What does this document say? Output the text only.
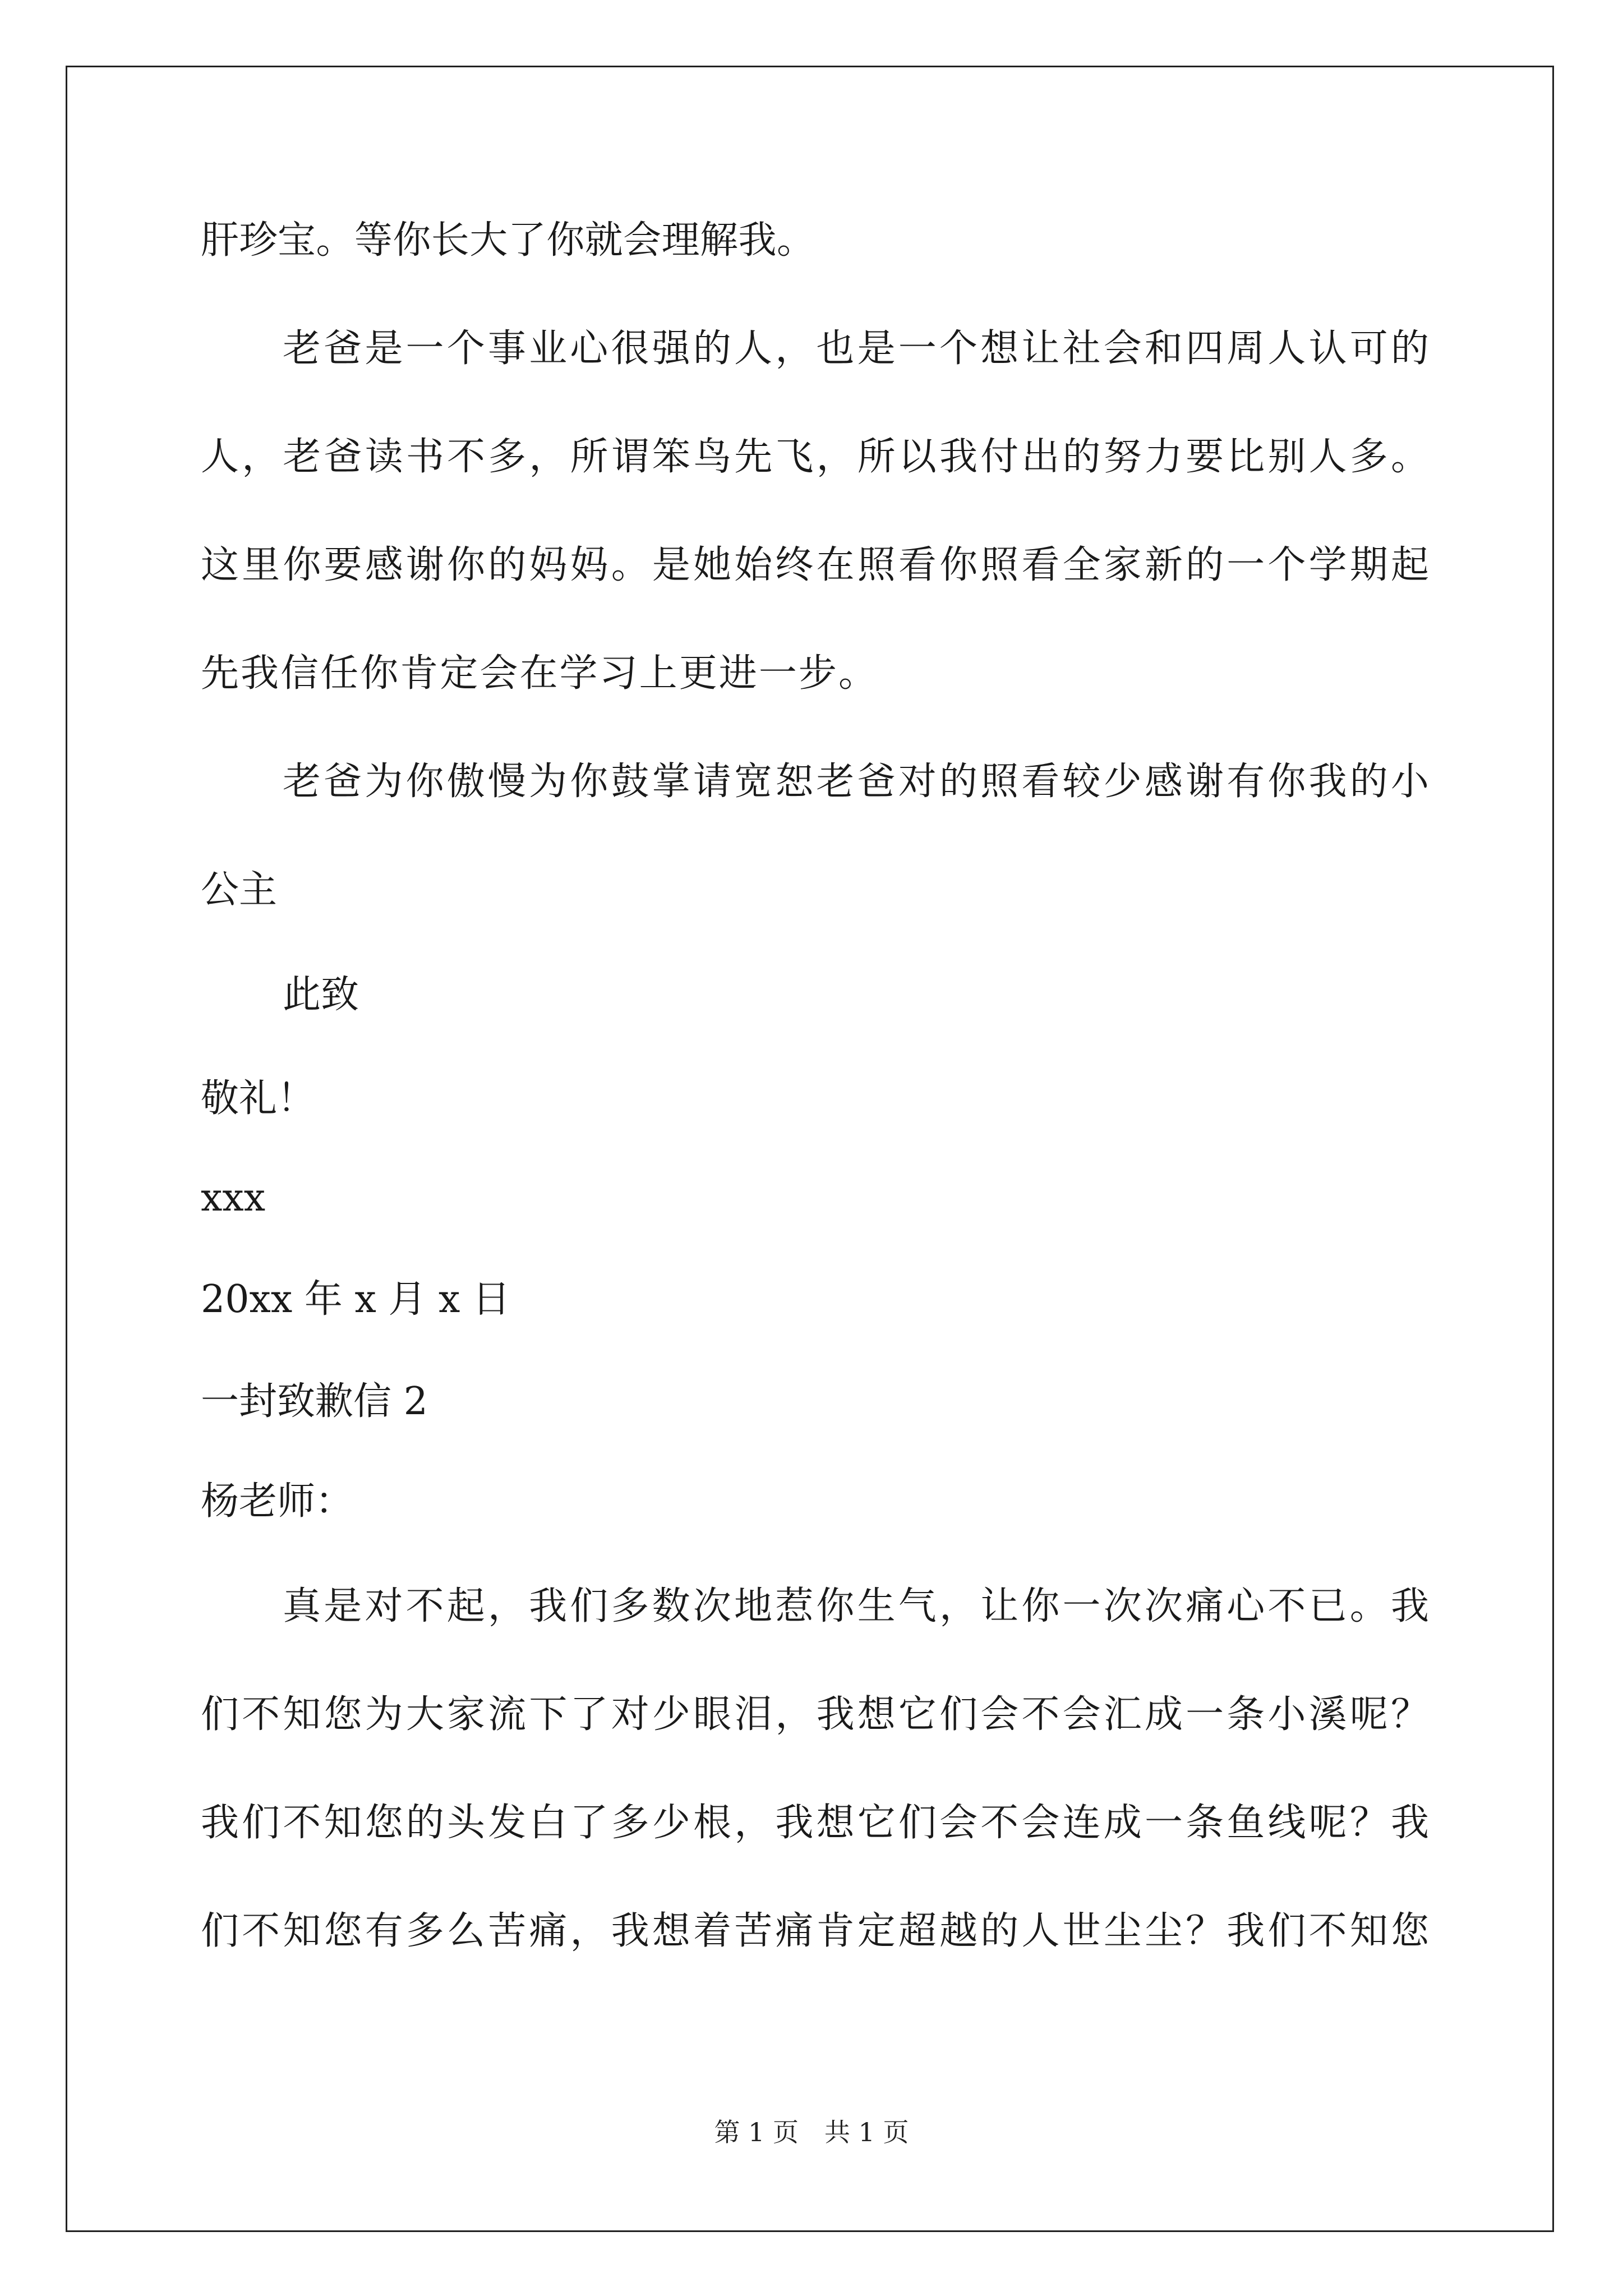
肝珍宝。等你长大了你就会理解我。
老爸是一个事业心很强的人，也是一个想让社会和四周人认可的
人，老爸读书不多，所谓笨鸟先飞，所以我付出的努力要比别人多。
这里你要感谢你的妈妈。是她始终在照看你照看全家新的一个学期起
先我信任你肯定会在学习上更进一步。
老爸为你傲慢为你鼓掌请宽恕老爸对的照看较少感谢有你我的小
公主
此致
敬礼！
xxx
20xx 年 x 月 x 日
一封致歉信 2
杨老师：
真是对不起，我们多数次地惹你生气，让你一次次痛心不已。我
们不知您为大家流下了对少眼泪，我想它们会不会汇成一条小溪呢？
我们不知您的头发白了多少根，我想它们会不会连成一条鱼线呢？我
们不知您有多么苦痛，我想着苦痛肯定超越的人世尘尘？我们不知您
第 1 页　共 1 页
